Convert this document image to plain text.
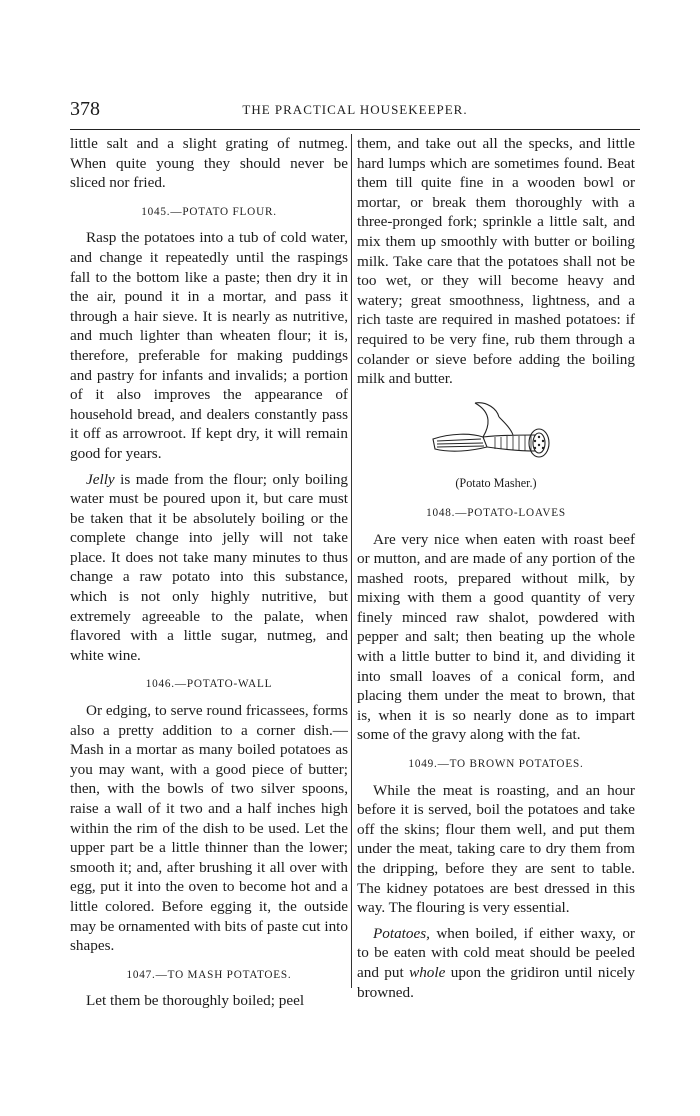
378	THE PRACTICAL HOUSEKEEPER.

little salt and a slight grating of nutmeg. When quite young they should never be sliced nor fried.

1045.—POTATO FLOUR.

Rasp the potatoes into a tub of cold water, and change it repeatedly until the raspings fall to the bottom like a paste; then dry it in the air, pound it in a mortar, and pass it through a hair sieve. It is nearly as nutritive, and much lighter than wheaten flour; it is, therefore, preferable for making puddings and pastry for infants and invalids; a portion of it also improves the appearance of household bread, and dealers constantly pass it off as arrowroot. If kept dry, it will remain good for years.

Jelly is made from the flour; only boiling water must be poured upon it, but care must be taken that it be absolutely boiling or the complete change into jelly will not take place. It does not take many minutes to thus change a raw potato into this substance, which is not only highly nutritive, but extremely agreeable to the palate, when flavored with a little sugar, nutmeg, and white wine.

1046.—POTATO-WALL

Or edging, to serve round fricassees, forms also a pretty addition to a corner dish.—Mash in a mortar as many boiled potatoes as you may want, with a good piece of butter; then, with the bowls of two silver spoons, raise a wall of it two and a half inches high within the rim of the dish to be used. Let the upper part be a little thinner than the lower; smooth it; and, after brushing it all over with egg, put it into the oven to become hot and a little colored. Before egging it, the outside may be ornamented with bits of paste cut into shapes.

1047.—TO MASH POTATOES.

Let them be thoroughly boiled; peel

them, and take out all the specks, and little hard lumps which are sometimes found. Beat them till quite fine in a wooden bowl or mortar, or break them thoroughly with a three-pronged fork; sprinkle a little salt, and mix them up smoothly with butter or boiling milk. Take care that the potatoes shall not be too wet, or they will become heavy and watery; great smoothness, lightness, and a rich taste are required in mashed potatoes: if required to be very fine, rub them through a colander or sieve before adding the boiling milk and butter.

(Potato Masher.)
1048.—POTATO-LOAVES

Are very nice when eaten with roast beef or mutton, and are made of any portion of the mashed roots, prepared without milk, by mixing with them a good quantity of very finely minced raw shalot, powdered with pepper and salt; then beating up the whole with a little butter to bind it, and dividing it into small loaves of a conical form, and placing them under the meat to brown, that is, when it is so nearly done as to impart some of the gravy along with the fat.

1049.—TO BROWN POTATOES.

While the meat is roasting, and an hour before it is served, boil the potatoes and take off the skins; flour them well, and put them under the meat, taking care to dry them from the dripping, before they are sent to table. The kidney potatoes are best dressed in this way. The flouring is very essential.

Potatoes, when boiled, if either waxy, or to be eaten with cold meat should be peeled and put whole upon the gridiron until nicely browned.
